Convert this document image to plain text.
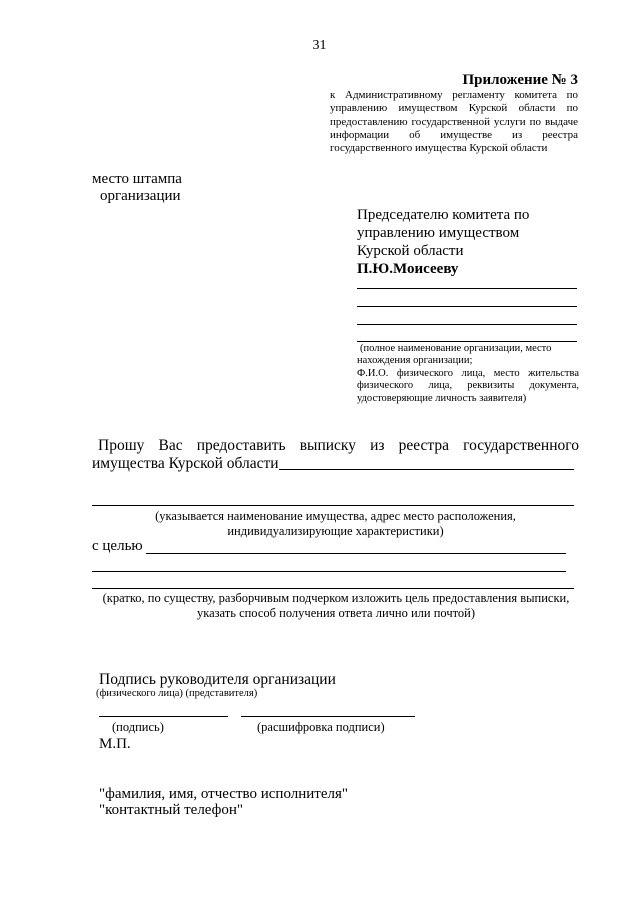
31
Приложение № 3
к Административному регламенту комитета по
управлению имуществом Курской области по
предоставлению государственной услуги по выдаче
информации об имуществе из реестра
государственного имущества Курской области
место штампа
организации
Председателю комитета по
управлению имуществом
Курской области
П.Ю.Моисееву
(полное наименование организации, место
нахождения организации;
Ф.И.О. физического лица, место жительства
физического лица, реквизиты документа,
удостоверяющие личность заявителя)
Прошу Вас предоставить выписку из реестра государственного
имущества Курской области
(указывается наименование имущества, адрес место расположения,
индивидуализирующие характеристики)
с целью
(кратко, по существу, разборчивым подчерком изложить цель предоставления выписки,
указать способ получения ответа лично или почтой)
Подпись руководителя организации
(физического лица) (представителя)
(подпись)	(расшифровка подписи)
М.П.
"фамилия, имя, отчество исполнителя"
"контактный телефон"
